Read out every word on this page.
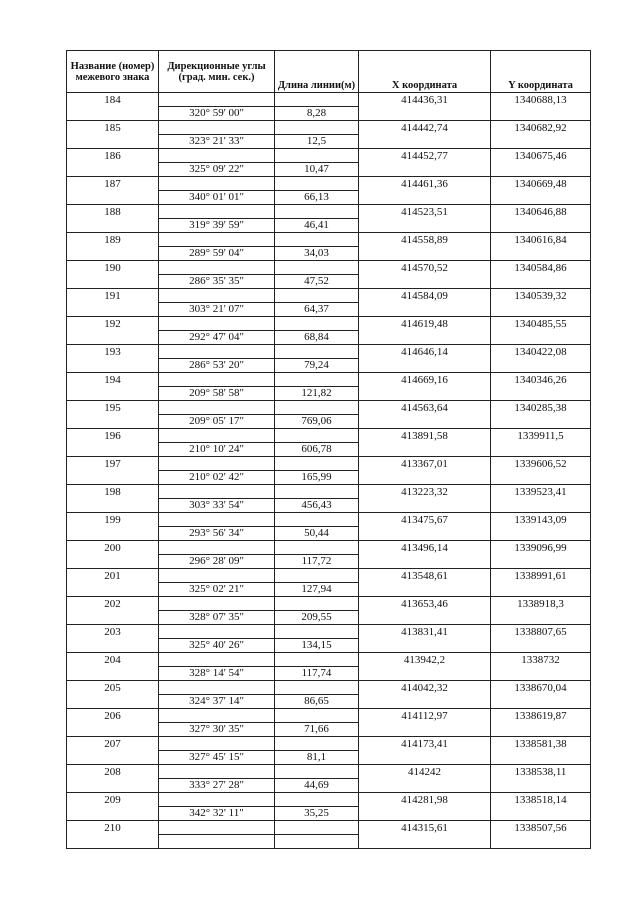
Название (номер) межевого знака	Дирекционные углы (град. мин. сек.)	Длина линии(м)	X координата	Y координата
184			414436,31	1340688,13
	320° 59' 00"	8,28		
185			414442,74	1340682,92
	323° 21' 33"	12,5		
186			414452,77	1340675,46
	325° 09' 22"	10,47		
187			414461,36	1340669,48
	340° 01' 01"	66,13		
188			414523,51	1340646,88
	319° 39' 59"	46,41		
189			414558,89	1340616,84
	289° 59' 04"	34,03		
190			414570,52	1340584,86
	286° 35' 35"	47,52		
191			414584,09	1340539,32
	303° 21' 07"	64,37		
192			414619,48	1340485,55
	292° 47' 04"	68,84		
193			414646,14	1340422,08
	286° 53' 20"	79,24		
194			414669,16	1340346,26
	209° 58' 58"	121,82		
195			414563,64	1340285,38
	209° 05' 17"	769,06		
196			413891,58	1339911,5
	210° 10' 24"	606,78		
197			413367,01	1339606,52
	210° 02' 42"	165,99		
198			413223,32	1339523,41
	303° 33' 54"	456,43		
199			413475,67	1339143,09
	293° 56' 34"	50,44		
200			413496,14	1339096,99
	296° 28' 09"	117,72		
201			413548,61	1338991,61
	325° 02' 21"	127,94		
202			413653,46	1338918,3
	328° 07' 35"	209,55		
203			413831,41	1338807,65
	325° 40' 26"	134,15		
204			413942,2	1338732
	328° 14' 54"	117,74		
205			414042,32	1338670,04
	324° 37' 14"	86,65		
206			414112,97	1338619,87
	327° 30' 35"	71,66		
207			414173,41	1338581,38
	327° 45' 15"	81,1		
208			414242	1338538,11
	333° 27' 28"	44,69		
209			414281,98	1338518,14
	342° 32' 11"	35,25		
210			414315,61	1338507,56
